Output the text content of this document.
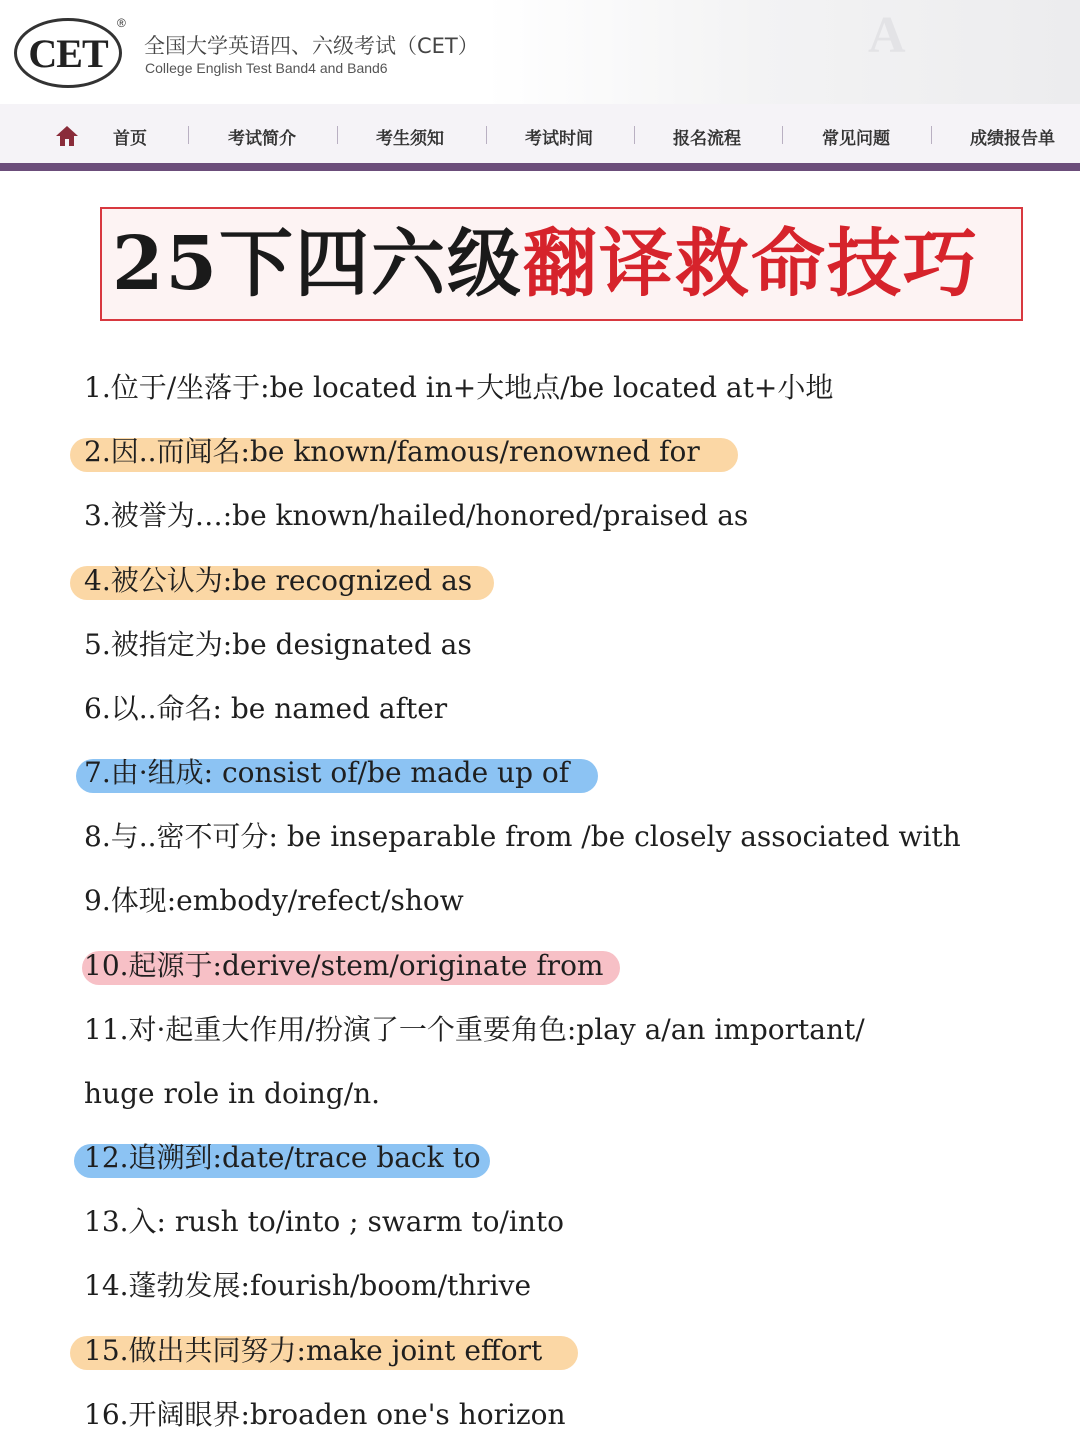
A
CET
®
全国大学英语四、六级考试（CET）
College English Test Band4 and Band6
首页	考试简介	考生须知	考试时间	报名流程	常见问题	成绩报告单
25下四六级翻译救命技巧
1.位于/坐落于:be located in+大地点/be located at+小地
2.因..而闻名:be known/famous/renowned for
3.被誉为…:be known/hailed/honored/praised as
4.被公认为:be recognized as
5.被指定为:be designated as
6.以..命名: be named after
7.由·组成: consist of/be made up of
8.与..密不可分: be inseparable from /be closely associated with
9.体现:embody/refect/show
10.起源于:derive/stem/originate from
11.对·起重大作用/扮演了一个重要角色:play a/an important/
huge role in doing/n.
12.追溯到:date/trace back to
13.入: rush to/into ; swarm to/into
14.蓬勃发展:fourish/boom/thrive
15.做出共同努力:make joint effort
16.开阔眼界:broaden one's horizon
